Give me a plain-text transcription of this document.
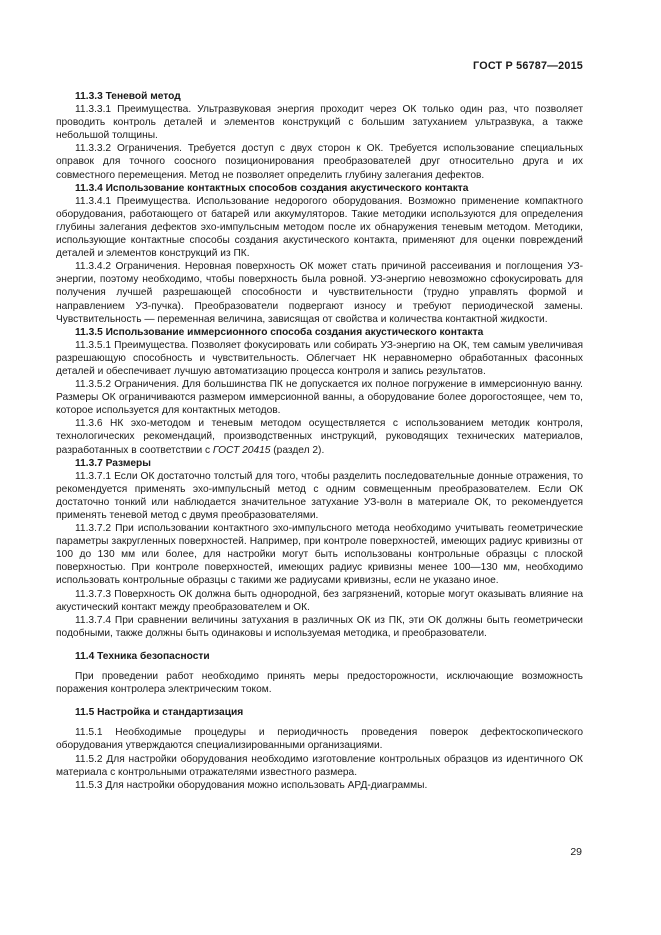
ГОСТ Р 56787—2015

11.3.3 Теневой метод

11.3.3.1 Преимущества. Ультразвуковая энергия проходит через ОК только один раз, что позволяет проводить контроль деталей и элементов конструкций с большим затуханием ультразвука, а также небольшой толщины.

11.3.3.2 Ограничения. Требуется доступ с двух сторон к ОК. Требуется использование специальных оправок для точного соосного позиционирования преобразователей друг относительно друга и их совместного перемещения. Метод не позволяет определить глубину залегания дефектов.

11.3.4 Использование контактных способов создания акустического контакта

11.3.4.1 Преимущества. Использование недорогого оборудования. Возможно применение компактного оборудования, работающего от батарей или аккумуляторов. Такие методики используются для определения глубины залегания дефектов эхо-импульсным методом после их обнаружения теневым методом. Методики, использующие контактные способы создания акустического контакта, применяют для оценки повреждений деталей и элементов конструкций из ПК.

11.3.4.2 Ограничения. Неровная поверхность ОК может стать причиной рассеивания и поглощения УЗ-энергии, поэтому необходимо, чтобы поверхность была ровной. УЗ-энергию невозможно сфокусировать для получения лучшей разрешающей способности и чувствительности (трудно управлять формой и направлением УЗ-пучка). Преобразователи подвергают износу и требуют периодической замены. Чувствительность — переменная величина, зависящая от свойства и количества контактной жидкости.

11.3.5 Использование иммерсионного способа создания акустического контакта

11.3.5.1 Преимущества. Позволяет фокусировать или собирать УЗ-энергию на ОК, тем самым увеличивая разрешающую способность и чувствительность. Облегчает НК неравномерно обработанных фасонных деталей и обеспечивает лучшую автоматизацию процесса контроля и запись результатов.

11.3.5.2 Ограничения. Для большинства ПК не допускается их полное погружение в иммерсионную ванну. Размеры ОК ограничиваются размером иммерсионной ванны, а оборудование более дорогостоящее, чем то, которое используется для контактных методов.

11.3.6 НК эхо-методом и теневым методом осуществляется с использованием методик контроля, технологических рекомендаций, производственных инструкций, руководящих технических материалов, разработанных в соответствии с ГОСТ 20415 (раздел 2).

11.3.7 Размеры

11.3.7.1 Если ОК достаточно толстый для того, чтобы разделить последовательные донные отражения, то рекомендуется применять эхо-импульсный метод с одним совмещенным преобразователем. Если ОК достаточно тонкий или наблюдается значительное затухание УЗ-волн в материале ОК, то рекомендуется применять теневой метод с двумя преобразователями.

11.3.7.2 При использовании контактного эхо-импульсного метода необходимо учитывать геометрические параметры закругленных поверхностей. Например, при контроле поверхностей, имеющих радиус кривизны от 100 до 130 мм или более, для настройки могут быть использованы контрольные образцы с плоской поверхностью. При контроле поверхностей, имеющих радиус кривизны менее 100—130 мм, необходимо использовать контрольные образцы с такими же радиусами кривизны, если не указано иное.

11.3.7.3 Поверхность ОК должна быть однородной, без загрязнений, которые могут оказывать влияние на акустический контакт между преобразователем и ОК.

11.3.7.4 При сравнении величины затухания в различных ОК из ПК, эти ОК должны быть геометрически подобными, также должны быть одинаковы и используемая методика, и преобразователи.

11.4 Техника безопасности

При проведении работ необходимо принять меры предосторожности, исключающие возможность поражения контролера электрическим током.

11.5 Настройка и стандартизация

11.5.1 Необходимые процедуры и периодичность проведения поверок дефектоскопического оборудования утверждаются специализированными организациями.

11.5.2 Для настройки оборудования необходимо изготовление контрольных образцов из идентичного ОК материала с контрольными отражателями известного размера.

11.5.3 Для настройки оборудования можно использовать АРД-диаграммы.

29
